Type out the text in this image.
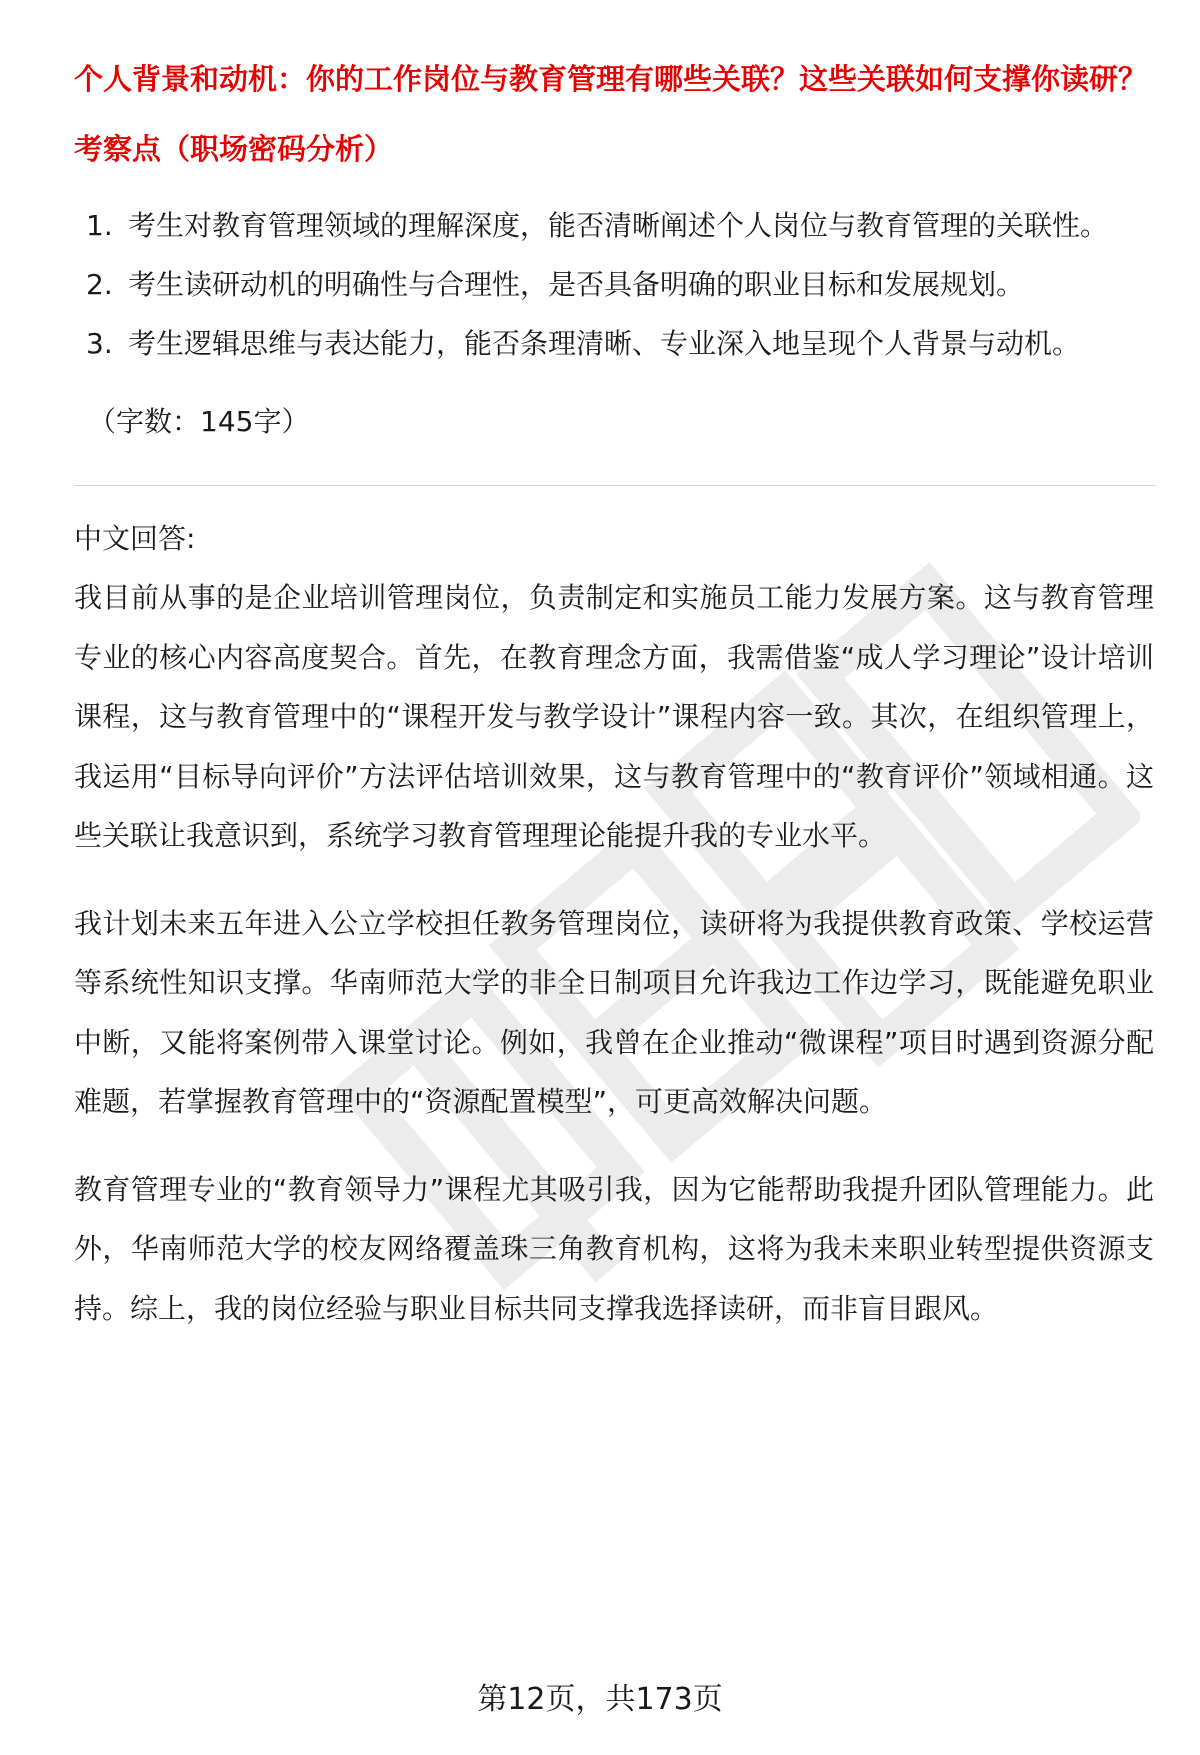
个人背景和动机：你的工作岗位与教育管理有哪些关联？这些关联如何支撑你读研？

考察点（职场密码分析）

1. 考生对教育管理领域的理解深度，能否清晰阐述个人岗位与教育管理的关联性。
2. 考生读研动机的明确性与合理性，是否具备明确的职业目标和发展规划。
3. 考生逻辑思维与表达能力，能否条理清晰、专业深入地呈现个人背景与动机。
（字数：145字）
中文回答:

我目前从事的是企业培训管理岗位，负责制定和实施员工能力发展方案。这与教育管理专业的核心内容高度契合。首先，在教育理念方面，我需借鉴“成人学习理论”设计培训课程，这与教育管理中的“课程开发与教学设计”课程内容一致。其次，在组织管理上，我运用“目标导向评价”方法评估培训效果，这与教育管理中的“教育评价”领域相通。这些关联让我意识到，系统学习教育管理理论能提升我的专业水平。

我计划未来五年进入公立学校担任教务管理岗位，读研将为我提供教育政策、学校运营等系统性知识支撑。华南师范大学的非全日制项目允许我边工作边学习，既能避免职业中断，又能将案例带入课堂讨论。例如，我曾在企业推动“微课程”项目时遇到资源分配难题，若掌握教育管理中的“资源配置模型”，可更高效解决问题。

教育管理专业的“教育领导力”课程尤其吸引我，因为它能帮助我提升团队管理能力。此外，华南师范大学的校友网络覆盖珠三角教育机构，这将为我未来职业转型提供资源支持。综上，我的岗位经验与职业目标共同支撑我选择读研，而非盲目跟风。

第12页，共173页
